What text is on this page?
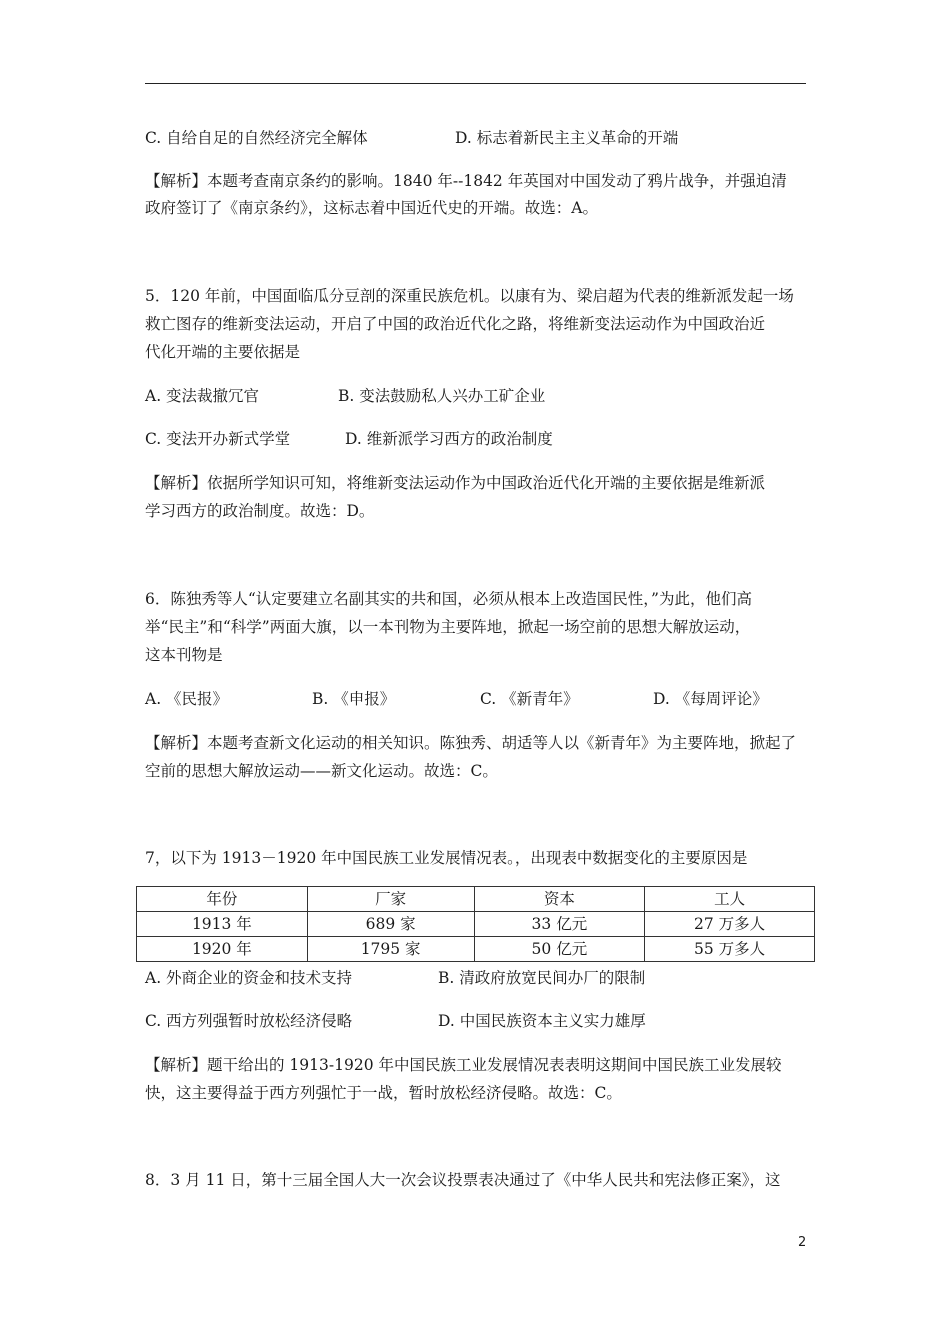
C. 自给自足的自然经济完全解体	D. 标志着新民主主义革命的开端
【解析】本题考查南京条约的影响。1840 年--1842 年英国对中国发动了鸦片战争，并强迫清
政府签订了《南京条约》，这标志着中国近代史的开端。故选：A。
5．120 年前，中国面临瓜分豆剖的深重民族危机。以康有为、梁启超为代表的维新派发起一场
救亡图存的维新变法运动，开启了中国的政治近代化之路，将维新变法运动作为中国政治近
代化开端的主要依据是
A. 变法裁撤冗官	B. 变法鼓励私人兴办工矿企业
C. 变法开办新式学堂	D. 维新派学习西方的政治制度
【解析】依据所学知识可知，将维新变法运动作为中国政治近代化开端的主要依据是维新派
学习西方的政治制度。故选：D。
6．陈独秀等人“认定要建立名副其实的共和国，必须从根本上改造国民性，”为此，他们高
举“民主”和“科学”两面大旗，以一本刊物为主要阵地，掀起一场空前的思想大解放运动，
这本刊物是
A. 《民报》	B. 《申报》	C. 《新青年》	D. 《每周评论》
【解析】本题考查新文化运动的相关知识。陈独秀、胡适等人以《新青年》为主要阵地，掀起了
空前的思想大解放运动——新文化运动。故选：C。
7，以下为 1913－1920 年中国民族工业发展情况表。，出现表中数据变化的主要原因是
年份	厂家	资本	工人
1913 年	689 家	33 亿元	27 万多人
1920 年	1795 家	50 亿元	55 万多人
A. 外商企业的资金和技术支持	B. 清政府放宽民间办厂的限制
C. 西方列强暂时放松经济侵略	D. 中国民族资本主义实力雄厚
【解析】题干给出的 1913-1920 年中国民族工业发展情况表表明这期间中国民族工业发展较
快，这主要得益于西方列强忙于一战，暂时放松经济侵略。故选：C。
8．3 月 11 日，第十三届全国人大一次会议投票表决通过了《中华人民共和宪法修正案》，这
2
